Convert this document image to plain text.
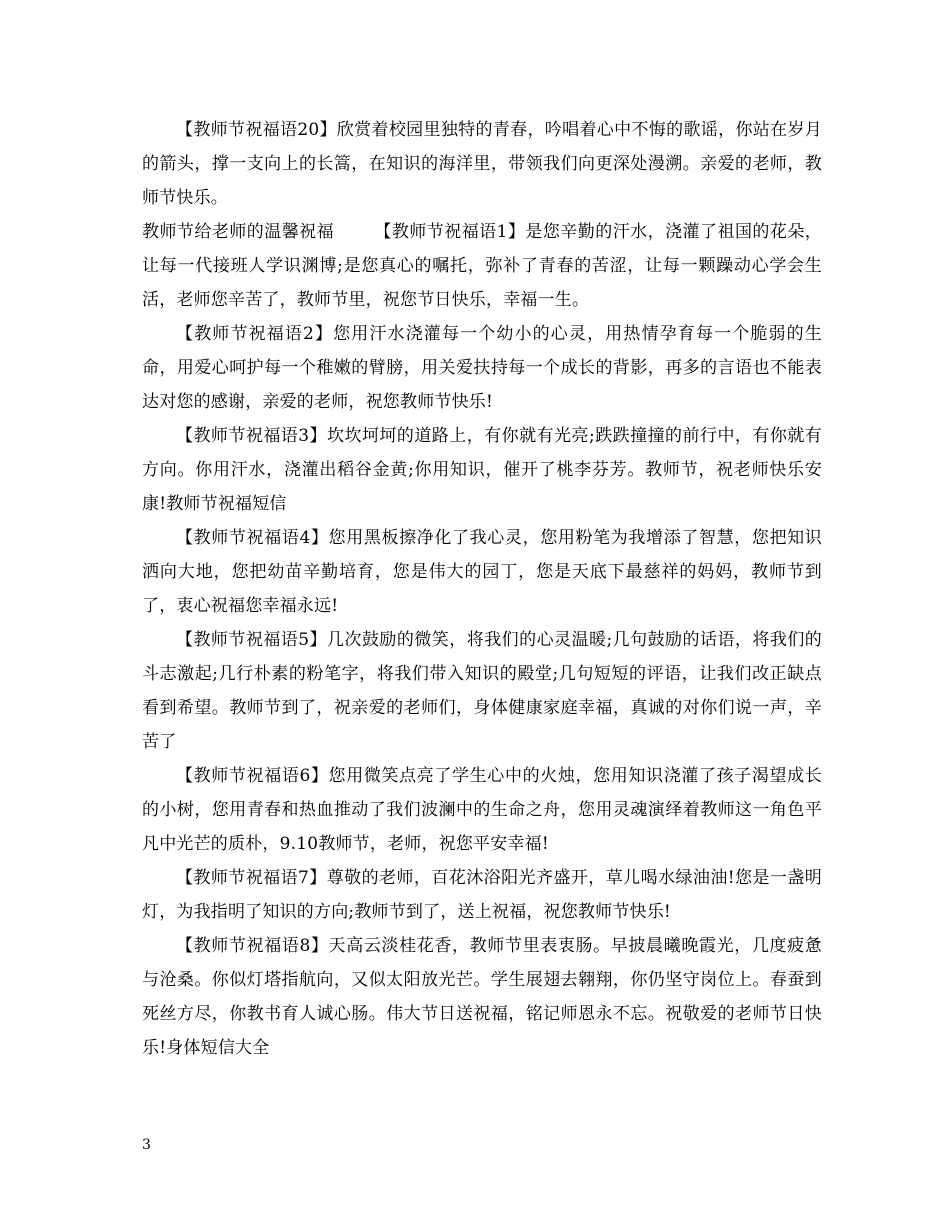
【教师节祝福语20】欣赏着校园里独特的青春，吟唱着心中不悔的歌谣，你站在岁月的箭头，撑一支向上的长篙，在知识的海洋里，带领我们向更深处漫溯。亲爱的老师，教师节快乐。

教师节给老师的温馨祝福 【教师节祝福语1】是您辛勤的汗水，浇灌了祖国的花朵，让每一代接班人学识渊博;是您真心的嘱托，弥补了青春的苦涩，让每一颗躁动心学会生活，老师您辛苦了，教师节里，祝您节日快乐，幸福一生。

【教师节祝福语2】您用汗水浇灌每一个幼小的心灵，用热情孕育每一个脆弱的生命，用爱心呵护每一个稚嫩的臂膀，用关爱扶持每一个成长的背影，再多的言语也不能表达对您的感谢，亲爱的老师，祝您教师节快乐!

【教师节祝福语3】坎坎坷坷的道路上，有你就有光亮;跌跌撞撞的前行中，有你就有方向。你用汗水，浇灌出稻谷金黄;你用知识，催开了桃李芬芳。教师节，祝老师快乐安康!教师节祝福短信

【教师节祝福语4】您用黑板擦净化了我心灵，您用粉笔为我增添了智慧，您把知识洒向大地，您把幼苗辛勤培育，您是伟大的园丁，您是天底下最慈祥的妈妈，教师节到了，衷心祝福您幸福永远!

【教师节祝福语5】几次鼓励的微笑，将我们的心灵温暖;几句鼓励的话语，将我们的斗志激起;几行朴素的粉笔字，将我们带入知识的殿堂;几句短短的评语，让我们改正缺点看到希望。教师节到了，祝亲爱的老师们，身体健康家庭幸福，真诚的对你们说一声，辛苦了

【教师节祝福语6】您用微笑点亮了学生心中的火烛，您用知识浇灌了孩子渴望成长的小树，您用青春和热血推动了我们波澜中的生命之舟，您用灵魂演绎着教师这一角色平凡中光芒的质朴，9.10教师节，老师，祝您平安幸福!

【教师节祝福语7】尊敬的老师，百花沐浴阳光齐盛开，草儿喝水绿油油!您是一盏明灯，为我指明了知识的方向;教师节到了，送上祝福，祝您教师节快乐!

【教师节祝福语8】天高云淡桂花香，教师节里表衷肠。早披晨曦晚霞光，几度疲惫与沧桑。你似灯塔指航向，又似太阳放光芒。学生展翅去翱翔，你仍坚守岗位上。春蚕到死丝方尽，你教书育人诚心肠。伟大节日送祝福，铭记师恩永不忘。祝敬爱的老师节日快乐!身体短信大全

3
